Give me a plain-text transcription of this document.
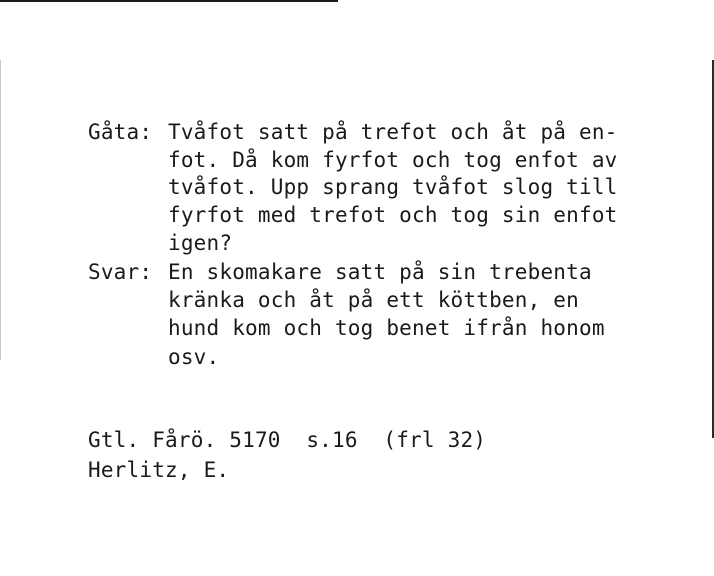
Gåta: Tvåfot satt på trefot och åt på en-
fot. Då kom fyrfot och tog enfot av
tvåfot. Upp sprang tvåfot slog till
fyrfot med trefot och tog sin enfot
igen?
Svar: En skomakare satt på sin trebenta
kränka och åt på ett köttben, en
hund kom och tog benet ifrån honom
osv.
Gtl. Fårö. 5170  s.16  (frl 32)
Herlitz, E.
